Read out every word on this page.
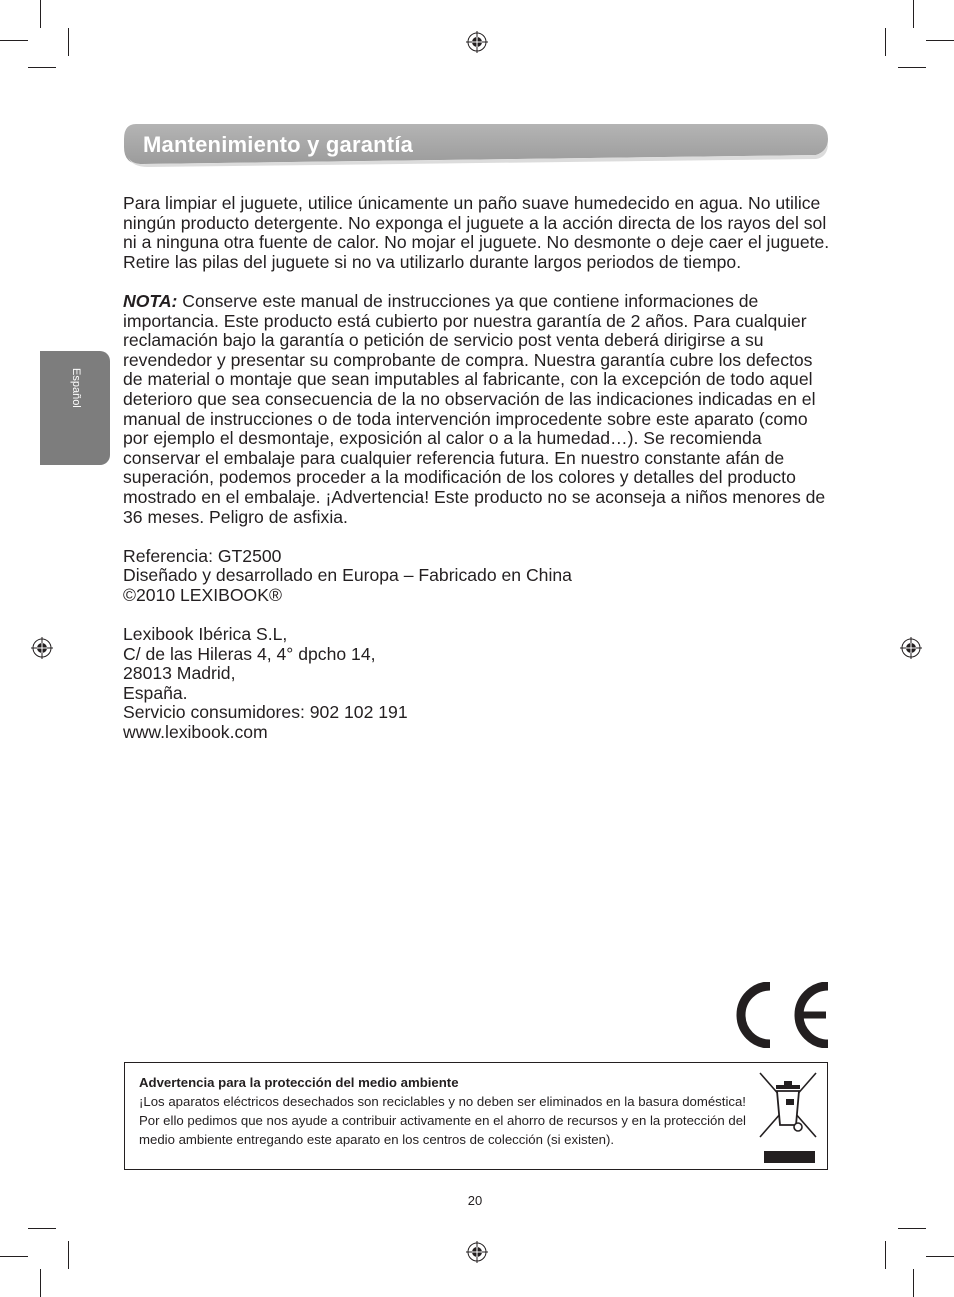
Mantenimiento y garantía
Español

Para limpiar el juguete, utilice únicamente un paño suave humedecido en agua. No utilice ningún producto detergente. No exponga el juguete a la acción directa de los rayos del sol ni a ninguna otra fuente de calor. No mojar el juguete. No desmonte o deje caer el juguete. Retire las pilas del juguete si no va utilizarlo durante largos periodos de tiempo.

NOTA: Conserve este manual de instrucciones ya que contiene informaciones de importancia. Este producto está cubierto por nuestra garantía de 2 años. Para cualquier reclamación bajo la garantía o petición de servicio post venta deberá dirigirse a su revendedor y presentar su comprobante de compra. Nuestra garantía cubre los defectos de material o montaje que sean imputables al fabricante, con la excepción de todo aquel deterioro que sea consecuencia de la no observación de las indicaciones indicadas en el manual de instrucciones o de toda intervención improcedente sobre este aparato (como por ejemplo el desmontaje, exposición al calor o a la humedad…). Se recomienda conservar el embalaje para cualquier referencia futura. En nuestro constante afán de superación, podemos proceder a la modificación de los colores y detalles del producto mostrado en el embalaje. ¡Advertencia! Este producto no se aconseja a niños menores de 36 meses. Peligro de asfixia.

Referencia: GT2500

Diseñado y desarrollado en Europa – Fabricado en China

©2010 LEXIBOOK®

Lexibook Ibérica S.L,

C/ de las Hileras 4, 4° dpcho 14,

28013 Madrid,

España.

Servicio consumidores: 902 102 191

www.lexibook.com

Advertencia para la protección del medio ambiente
¡Los aparatos eléctricos desechados son reciclables y no deben ser eliminados en la basura doméstica! Por ello pedimos que nos ayude a contribuir activamente en el ahorro de recursos y en la protección del medio ambiente entregando este aparato en los centros de colección (si existen).
20
